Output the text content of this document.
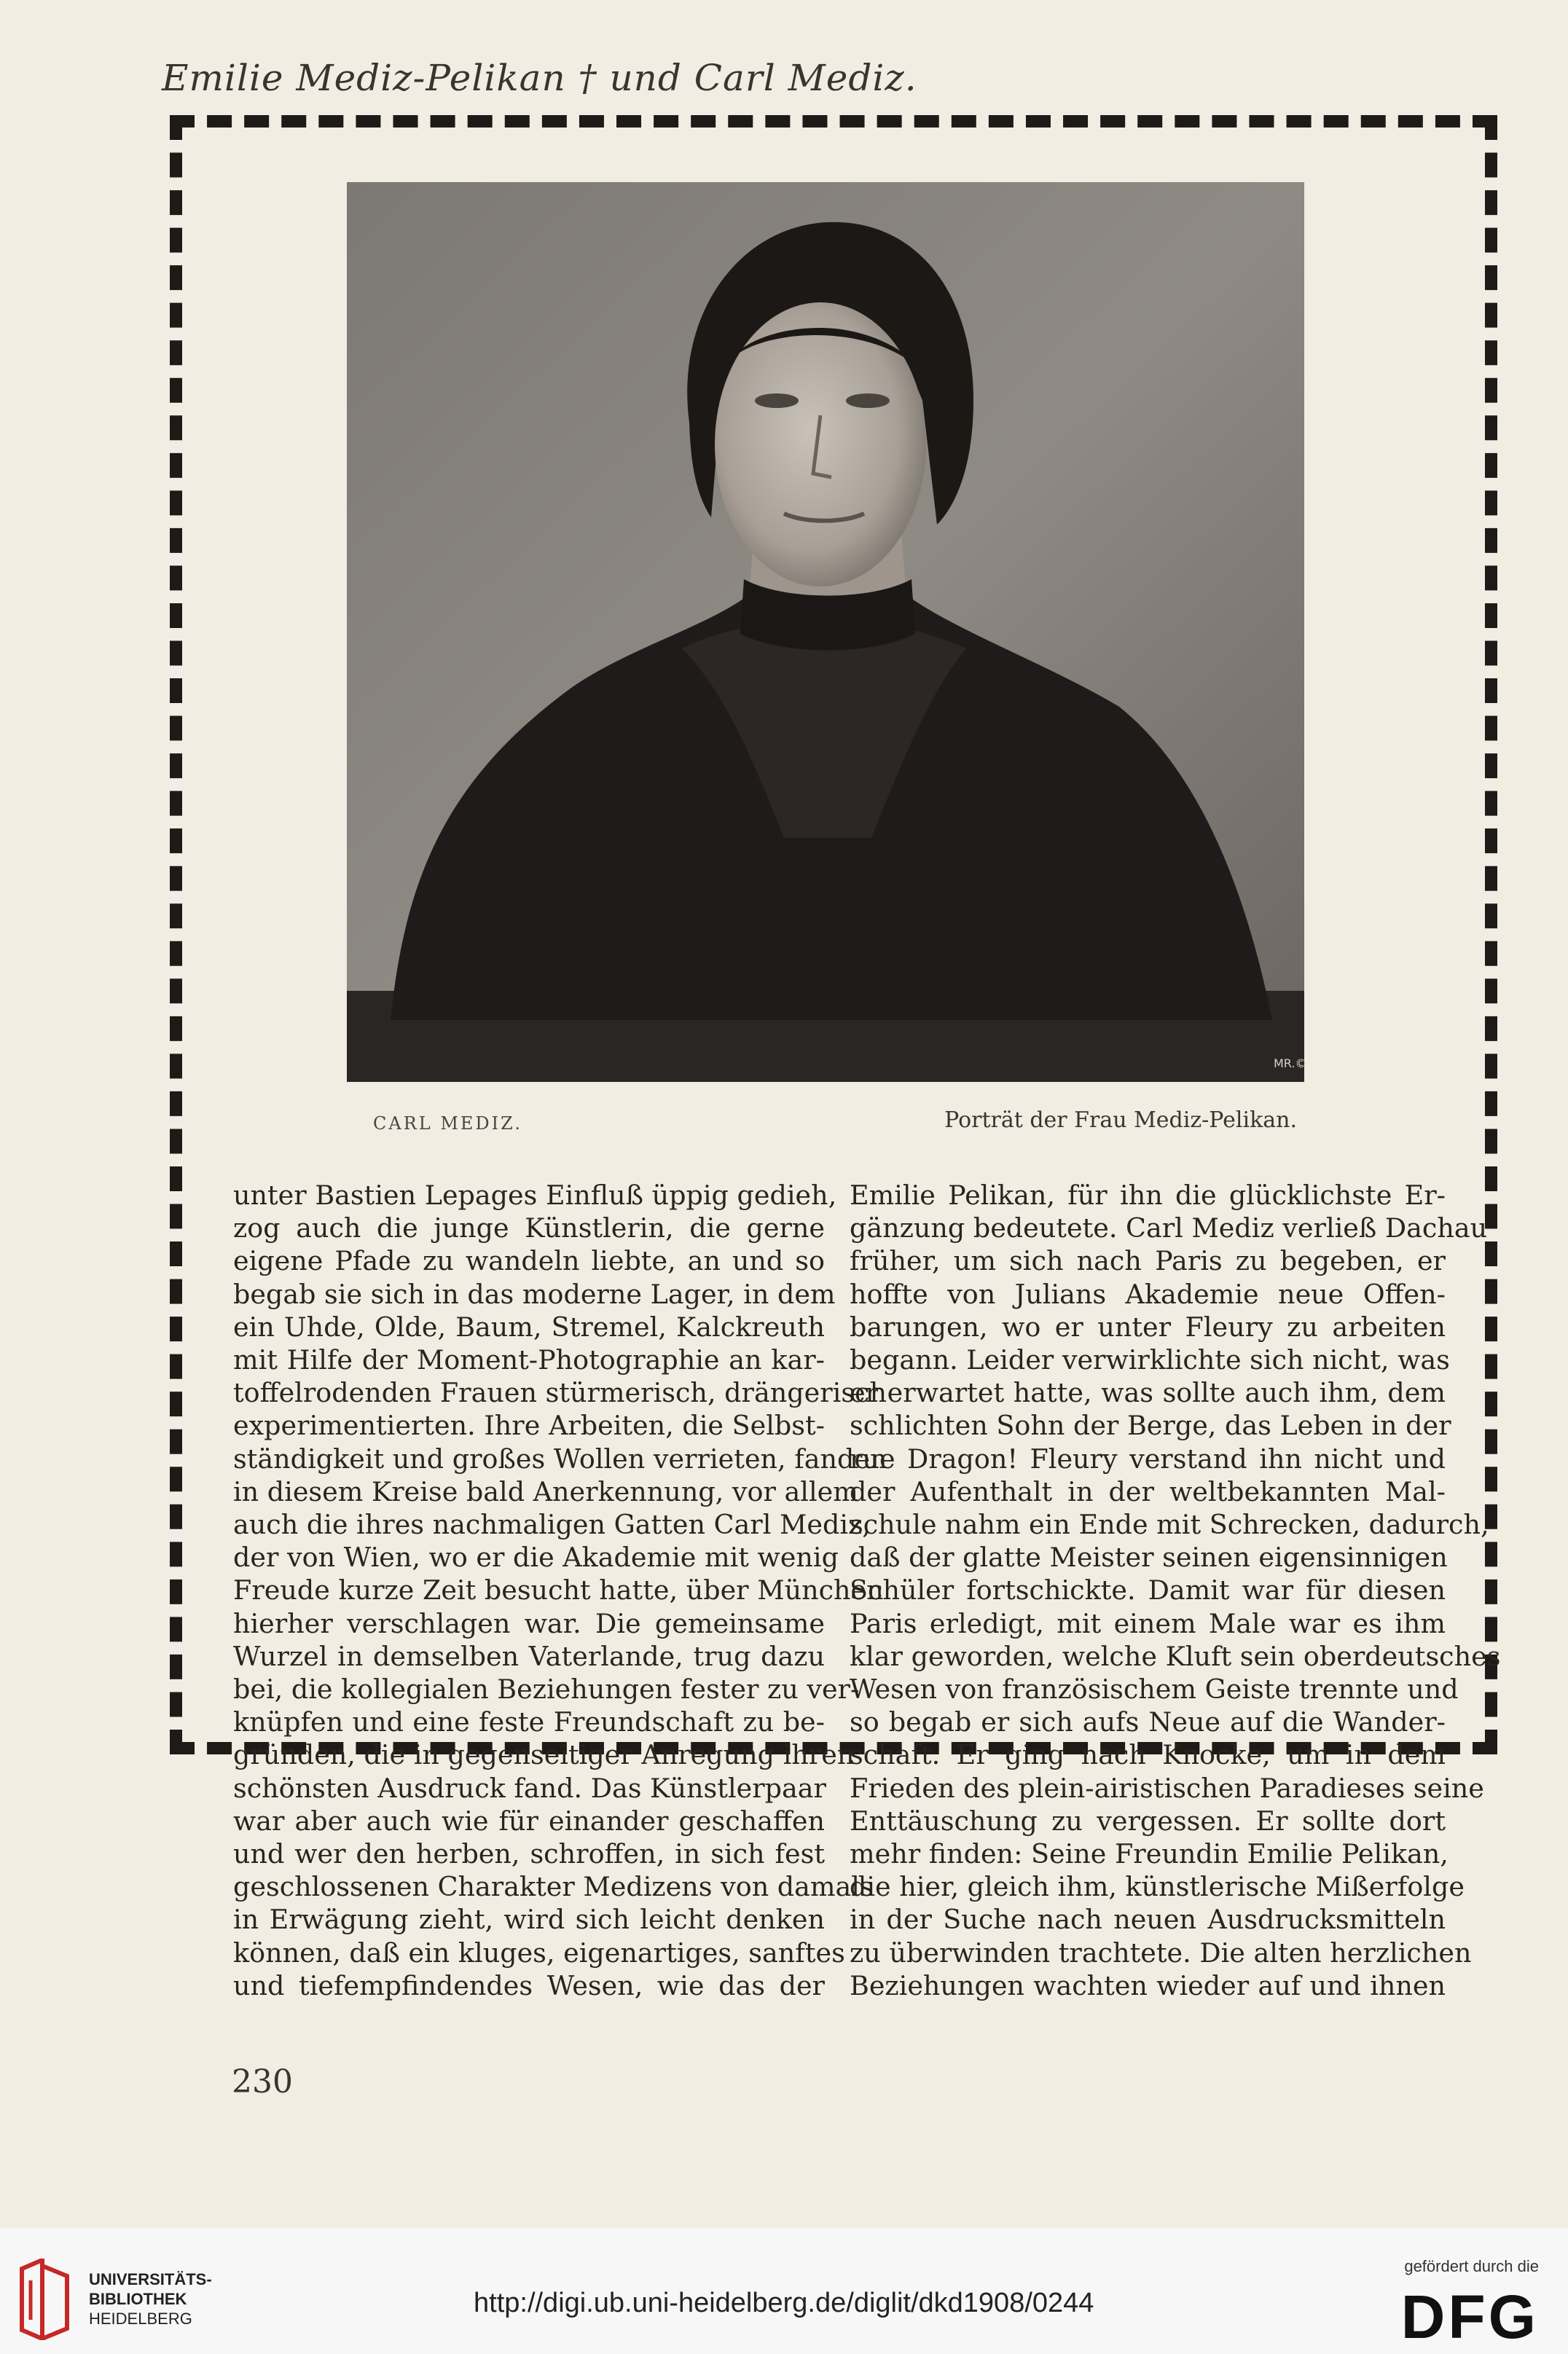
Emilie Mediz-Pelikan † und Carl Mediz.
MR.©
CARL MEDIZ.	Porträt der Frau Mediz-Pelikan.
unter Bastien Lepages Einfluß üppig gedieh,
zog auch die junge Künstlerin, die gerne
eigene Pfade zu wandeln liebte, an und so
begab sie sich in das moderne Lager, in dem
ein Uhde, Olde, Baum, Stremel, Kalckreuth
mit Hilfe der Moment-Photographie an kar-
toffelrodenden Frauen stürmerisch, drängerisch
experimentierten. Ihre Arbeiten, die Selbst-
ständigkeit und großes Wollen verrieten, fanden
in diesem Kreise bald Anerkennung, vor allem
auch die ihres nachmaligen Gatten Carl Mediz,
der von Wien, wo er die Akademie mit wenig
Freude kurze Zeit besucht hatte, über München
hierher verschlagen war. Die gemeinsame
Wurzel in demselben Vaterlande, trug dazu
bei, die kollegialen Beziehungen fester zu ver-
knüpfen und eine feste Freundschaft zu be-
gründen, die in gegenseitiger Anregung ihren
schönsten Ausdruck fand. Das Künstlerpaar
war aber auch wie für einander geschaffen
und wer den herben, schroffen, in sich fest
geschlossenen Charakter Medizens von damals
in Erwägung zieht, wird sich leicht denken
können, daß ein kluges, eigenartiges, sanftes
und tiefempfindendes Wesen, wie das der
Emilie Pelikan, für ihn die glücklichste Er-
gänzung bedeutete. Carl Mediz verließ Dachau
früher, um sich nach Paris zu begeben, er
hoffte von Julians Akademie neue Offen-
barungen, wo er unter Fleury zu arbeiten
begann. Leider verwirklichte sich nicht, was
er erwartet hatte, was sollte auch ihm, dem
schlichten Sohn der Berge, das Leben in der
rue Dragon! Fleury verstand ihn nicht und
der Aufenthalt in der weltbekannten Mal-
schule nahm ein Ende mit Schrecken, dadurch,
daß der glatte Meister seinen eigensinnigen
Schüler fortschickte. Damit war für diesen
Paris erledigt, mit einem Male war es ihm
klar geworden, welche Kluft sein oberdeutsches
Wesen von französischem Geiste trennte und
so begab er sich aufs Neue auf die Wander-
schaft. Er ging nach Knocke, um in dem
Frieden des plein-airistischen Paradieses seine
Enttäuschung zu vergessen. Er sollte dort
mehr finden: Seine Freundin Emilie Pelikan,
die hier, gleich ihm, künstlerische Mißerfolge
in der Suche nach neuen Ausdrucksmitteln
zu überwinden trachtete. Die alten herzlichen
Beziehungen wachten wieder auf und ihnen
230
UNIVERSITÄTS-
BIBLIOTHEK
HEIDELBERG
http://digi.ub.uni-heidelberg.de/diglit/dkd1908/0244
gefördert durch die
DFG
